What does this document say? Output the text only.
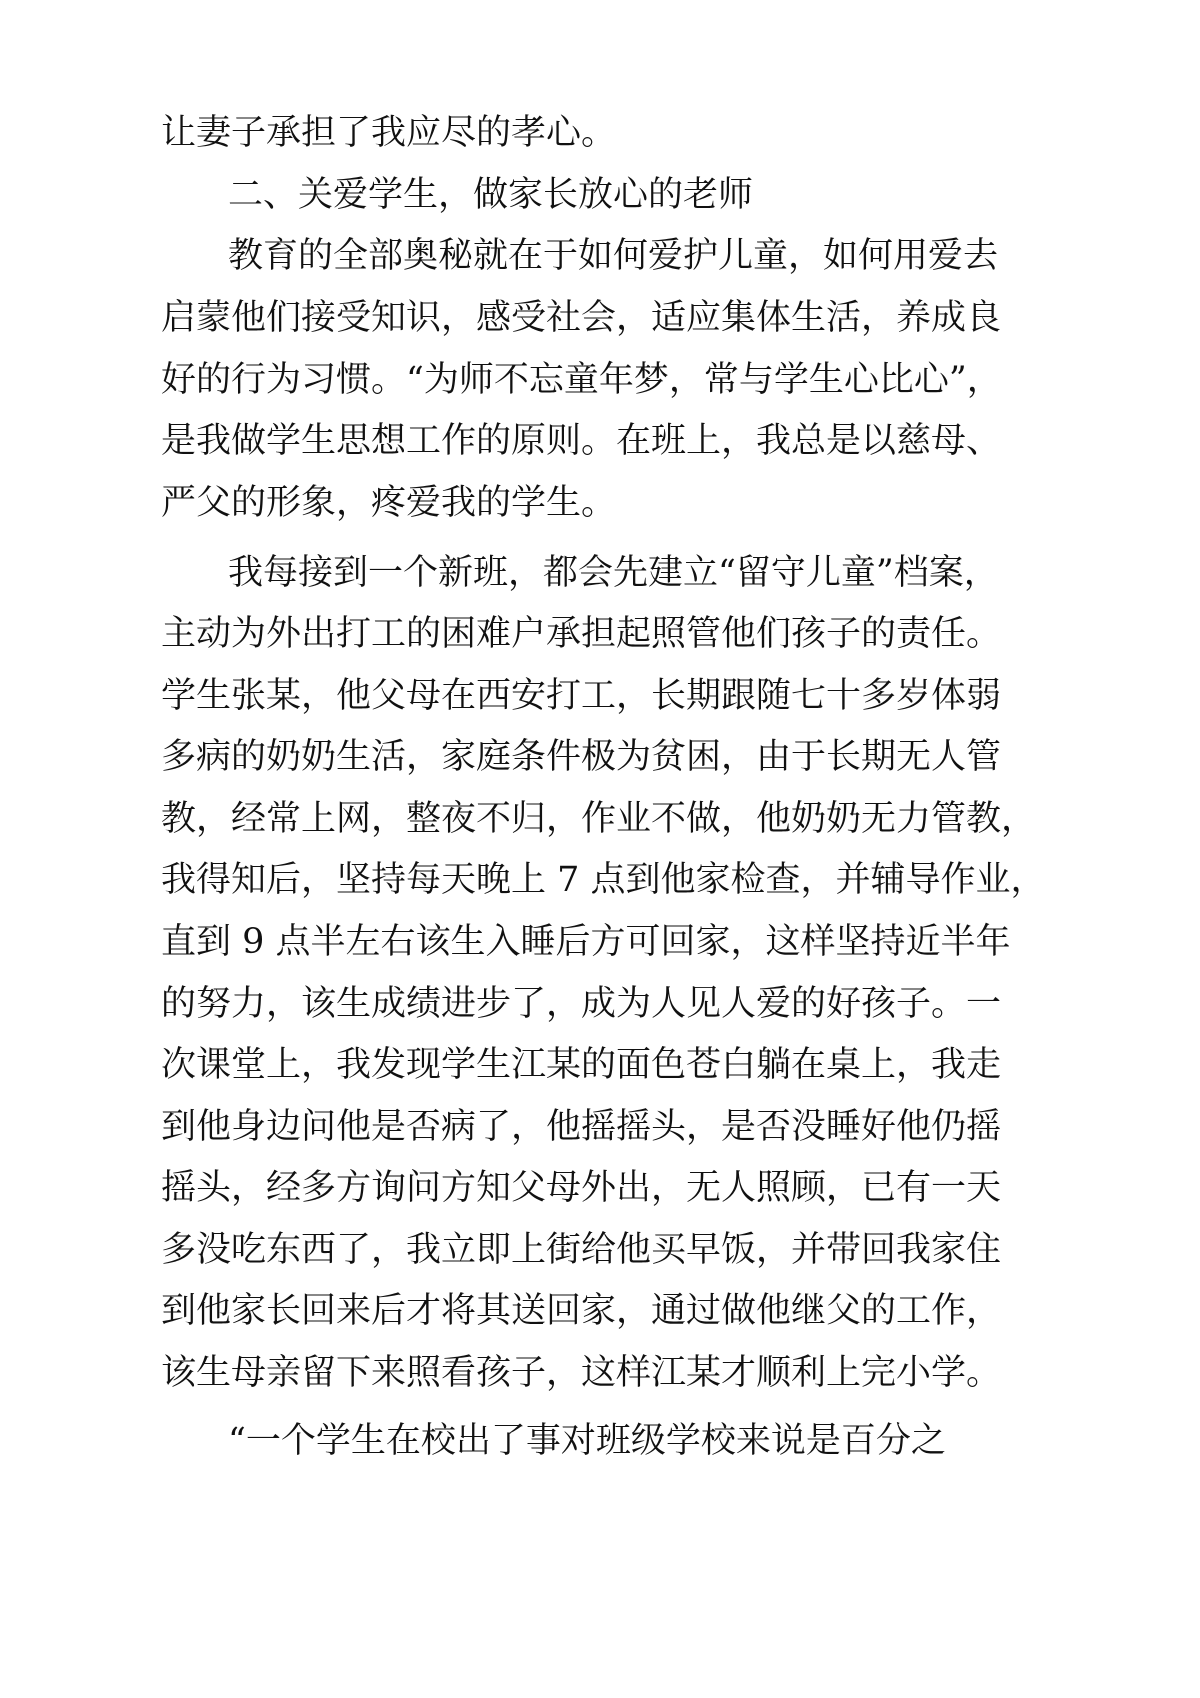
让妻子承担了我应尽的孝心。
二、关爱学生，做家长放心的老师
教育的全部奥秘就在于如何爱护儿童，如何用爱去
启蒙他们接受知识，感受社会，适应集体生活，养成良
好的行为习惯。“为师不忘童年梦，常与学生心比心”，
是我做学生思想工作的原则。在班上，我总是以慈母、
严父的形象，疼爱我的学生。
我每接到一个新班，都会先建立“留守儿童”档案，
主动为外出打工的困难户承担起照管他们孩子的责任。
学生张某，他父母在西安打工，长期跟随七十多岁体弱
多病的奶奶生活，家庭条件极为贫困，由于长期无人管
教，经常上网，整夜不归，作业不做，他奶奶无力管教，
我得知后，坚持每天晚上 7 点到他家检查，并辅导作业，
直到 9 点半左右该生入睡后方可回家，这样坚持近半年
的努力，该生成绩进步了，成为人见人爱的好孩子。一
次课堂上，我发现学生江某的面色苍白躺在桌上，我走
到他身边问他是否病了，他摇摇头，是否没睡好他仍摇
摇头，经多方询问方知父母外出，无人照顾，已有一天
多没吃东西了，我立即上街给他买早饭，并带回我家住
到他家长回来后才将其送回家，通过做他继父的工作，
该生母亲留下来照看孩子，这样江某才顺利上完小学。
“一个学生在校出了事对班级学校来说是百分之
